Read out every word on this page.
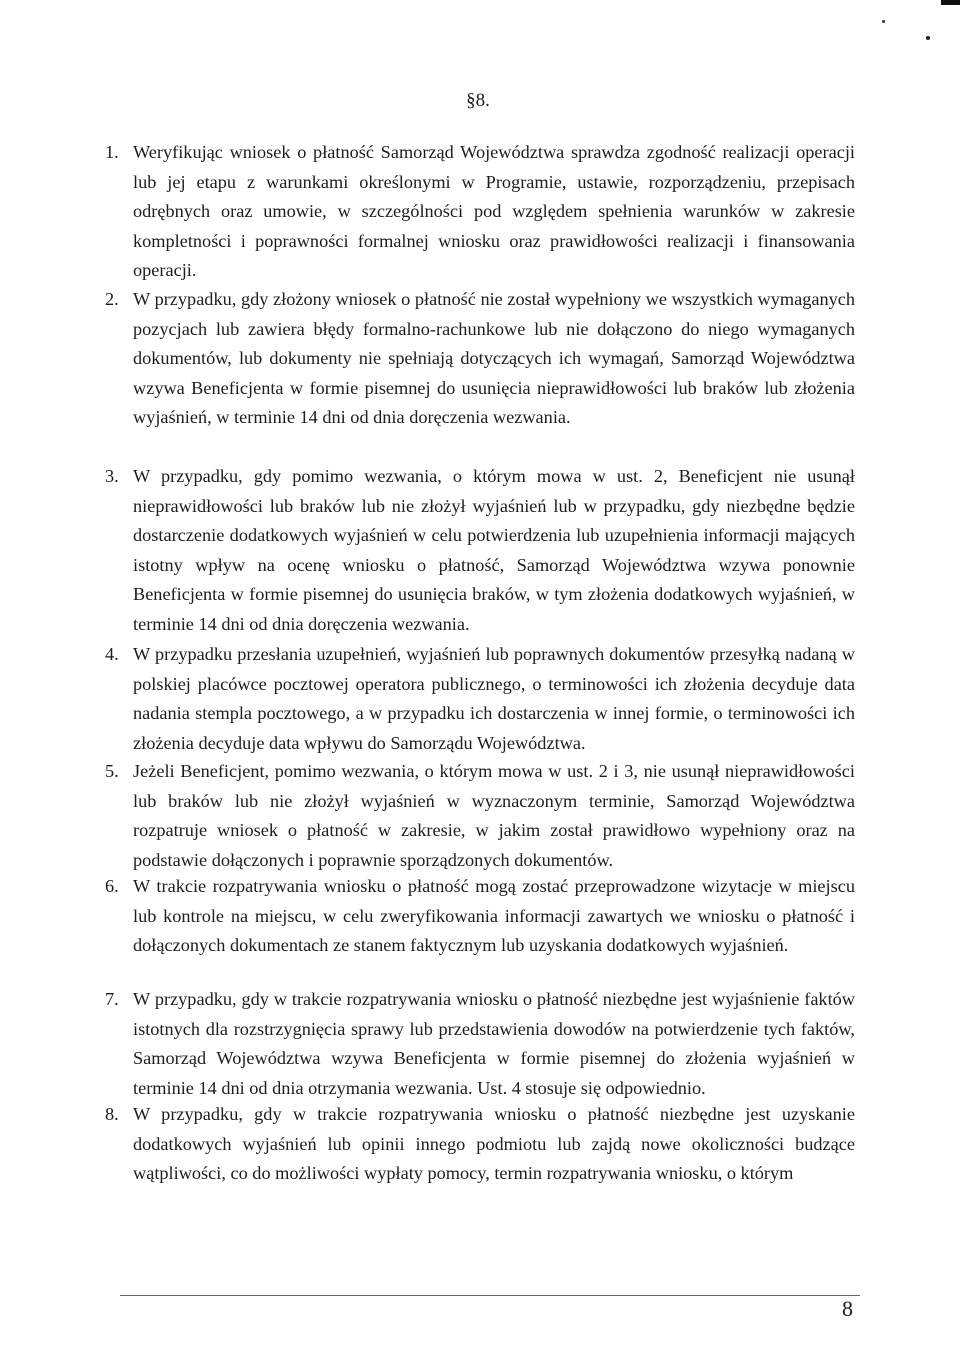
§8.
1. Weryfikując wniosek o płatność Samorząd Województwa sprawdza zgodność realizacji operacji lub jej etapu z warunkami określonymi w Programie, ustawie, rozporządzeniu, przepisach odrębnych oraz umowie, w szczególności pod względem spełnienia warunków w zakresie kompletności i poprawności formalnej wniosku oraz prawidłowości realizacji i finansowania operacji.
2. W przypadku, gdy złożony wniosek o płatność nie został wypełniony we wszystkich wymaganych pozycjach lub zawiera błędy formalno-rachunkowe lub nie dołączono do niego wymaganych dokumentów, lub dokumenty nie spełniają dotyczących ich wymagań, Samorząd Województwa wzywa Beneficjenta w formie pisemnej do usunięcia nieprawidłowości lub braków lub złożenia wyjaśnień, w terminie 14 dni od dnia doręczenia wezwania.
3. W przypadku, gdy pomimo wezwania, o którym mowa w ust. 2, Beneficjent nie usunął nieprawidłowości lub braków lub nie złożył wyjaśnień lub w przypadku, gdy niezbędne będzie dostarczenie dodatkowych wyjaśnień w celu potwierdzenia lub uzupełnienia informacji mających istotny wpływ na ocenę wniosku o płatność, Samorząd Województwa wzywa ponownie Beneficjenta w formie pisemnej do usunięcia braków, w tym złożenia dodatkowych wyjaśnień, w terminie 14 dni od dnia doręczenia wezwania.
4. W przypadku przesłania uzupełnień, wyjaśnień lub poprawnych dokumentów przesyłką nadaną w polskiej placówce pocztowej operatora publicznego, o terminowości ich złożenia decyduje data nadania stempla pocztowego, a w przypadku ich dostarczenia w innej formie, o terminowości ich złożenia decyduje data wpływu do Samorządu Województwa.
5. Jeżeli Beneficjent, pomimo wezwania, o którym mowa w ust. 2 i 3, nie usunął nieprawidłowości lub braków lub nie złożył wyjaśnień w wyznaczonym terminie, Samorząd Województwa rozpatruje wniosek o płatność w zakresie, w jakim został prawidłowo wypełniony oraz na podstawie dołączonych i poprawnie sporządzonych dokumentów.
6. W trakcie rozpatrywania wniosku o płatność mogą zostać przeprowadzone wizytacje w miejscu lub kontrole na miejscu, w celu zweryfikowania informacji zawartych we wniosku o płatność i dołączonych dokumentach ze stanem faktycznym lub uzyskania dodatkowych wyjaśnień.
7. W przypadku, gdy w trakcie rozpatrywania wniosku o płatność niezbędne jest wyjaśnienie faktów istotnych dla rozstrzygnięcia sprawy lub przedstawienia dowodów na potwierdzenie tych faktów, Samorząd Województwa wzywa Beneficjenta w formie pisemnej do złożenia wyjaśnień w terminie 14 dni od dnia otrzymania wezwania. Ust. 4 stosuje się odpowiednio.
8. W przypadku, gdy w trakcie rozpatrywania wniosku o płatność niezbędne jest uzyskanie dodatkowych wyjaśnień lub opinii innego podmiotu lub zajdą nowe okoliczności budzące wątpliwości, co do możliwości wypłaty pomocy, termin rozpatrywania wniosku, o którym
8
